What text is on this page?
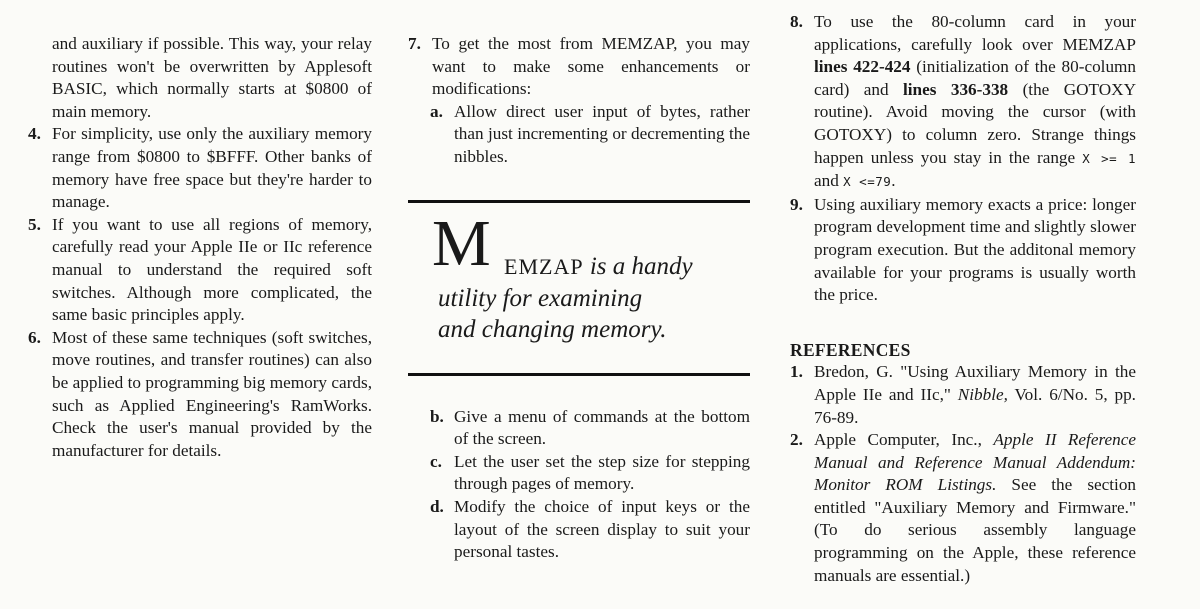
and auxiliary if possible. This way, your relay routines won't be overwritten by Applesoft BASIC, which normally starts at $0800 of main memory.
4. For simplicity, use only the auxiliary memory range from $0800 to $BFFF. Other banks of memory have free space but they're harder to manage.
5. If you want to use all regions of memory, carefully read your Apple IIe or IIc reference manual to understand the required soft switches. Although more complicated, the same basic principles apply.
6. Most of these same techniques (soft switches, move routines, and transfer routines) can also be applied to programming big memory cards, such as Applied Engineering's RamWorks. Check the user's manual provided by the manufacturer for details.
7. To get the most from MEMZAP, you may want to make some enhancements or modifications:
a. Allow direct user input of bytes, rather than just incrementing or decrementing the nibbles.
M EMZAP is a handy
utility for examining
and changing memory.
b. Give a menu of commands at the bottom of the screen.
c. Let the user set the step size for stepping through pages of memory.
d. Modify the choice of input keys or the layout of the screen display to suit your personal tastes.
8. To use the 80-column card in your applications, carefully look over MEMZAP lines 422-424 (initialization of the 80-column card) and lines 336-338 (the GOTOXY routine). Avoid moving the cursor (with GOTOXY) to column zero. Strange things happen unless you stay in the range X >= 1 and X <=79.
9. Using auxiliary memory exacts a price: longer program development time and slightly slower program execution. But the additonal memory available for your programs is usually worth the price.
REFERENCES
1. Bredon, G. "Using Auxiliary Memory in the Apple IIe and IIc," Nibble, Vol. 6/No. 5, pp. 76-89.
2. Apple Computer, Inc., Apple II Reference Manual and Reference Manual Addendum: Monitor ROM Listings. See the section entitled "Auxiliary Memory and Firmware." (To do serious assembly language programming on the Apple, these reference manuals are essential.)
